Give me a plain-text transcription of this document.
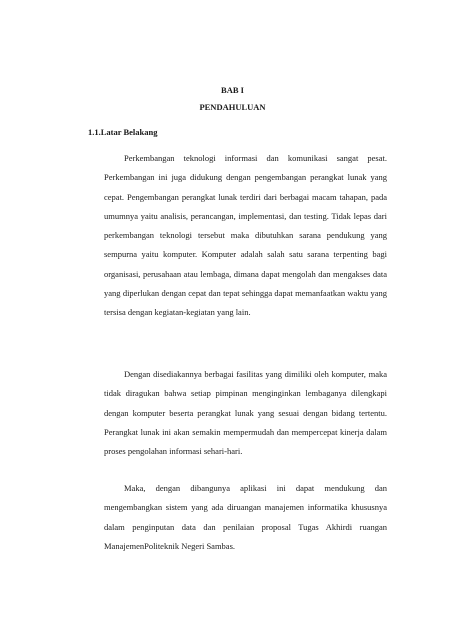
BAB I
PENDAHULUAN
1.1.Latar Belakang

Perkembangan teknologi informasi dan komunikasi sangat pesat. Perkembangan ini juga didukung dengan pengembangan perangkat lunak yang cepat. Pengembangan perangkat lunak terdiri dari berbagai macam tahapan, pada umumnya yaitu analisis, perancangan, implementasi, dan testing. Tidak lepas dari perkembangan teknologi tersebut maka dibutuhkan sarana pendukung yang sempurna yaitu komputer. Komputer adalah salah satu sarana terpenting bagi organisasi, perusahaan atau lembaga, dimana dapat mengolah dan mengakses data yang diperlukan dengan cepat dan tepat sehingga dapat memanfaatkan waktu yang tersisa dengan kegiatan-kegiatan yang lain.

Dengan disediakannya berbagai fasilitas yang dimiliki oleh komputer, maka tidak diragukan bahwa setiap pimpinan menginginkan lembaganya dilengkapi dengan komputer beserta perangkat lunak yang sesuai dengan bidang tertentu. Perangkat lunak ini akan semakin mempermudah dan mempercepat kinerja dalam proses pengolahan informasi sehari-hari.

Maka, dengan dibangunya aplikasi ini dapat mendukung dan mengembangkan sistem yang ada diruangan manajemen informatika khususnya dalam penginputan data dan penilaian proposal Tugas Akhirdi ruangan ManajemenPoliteknik Negeri Sambas.
